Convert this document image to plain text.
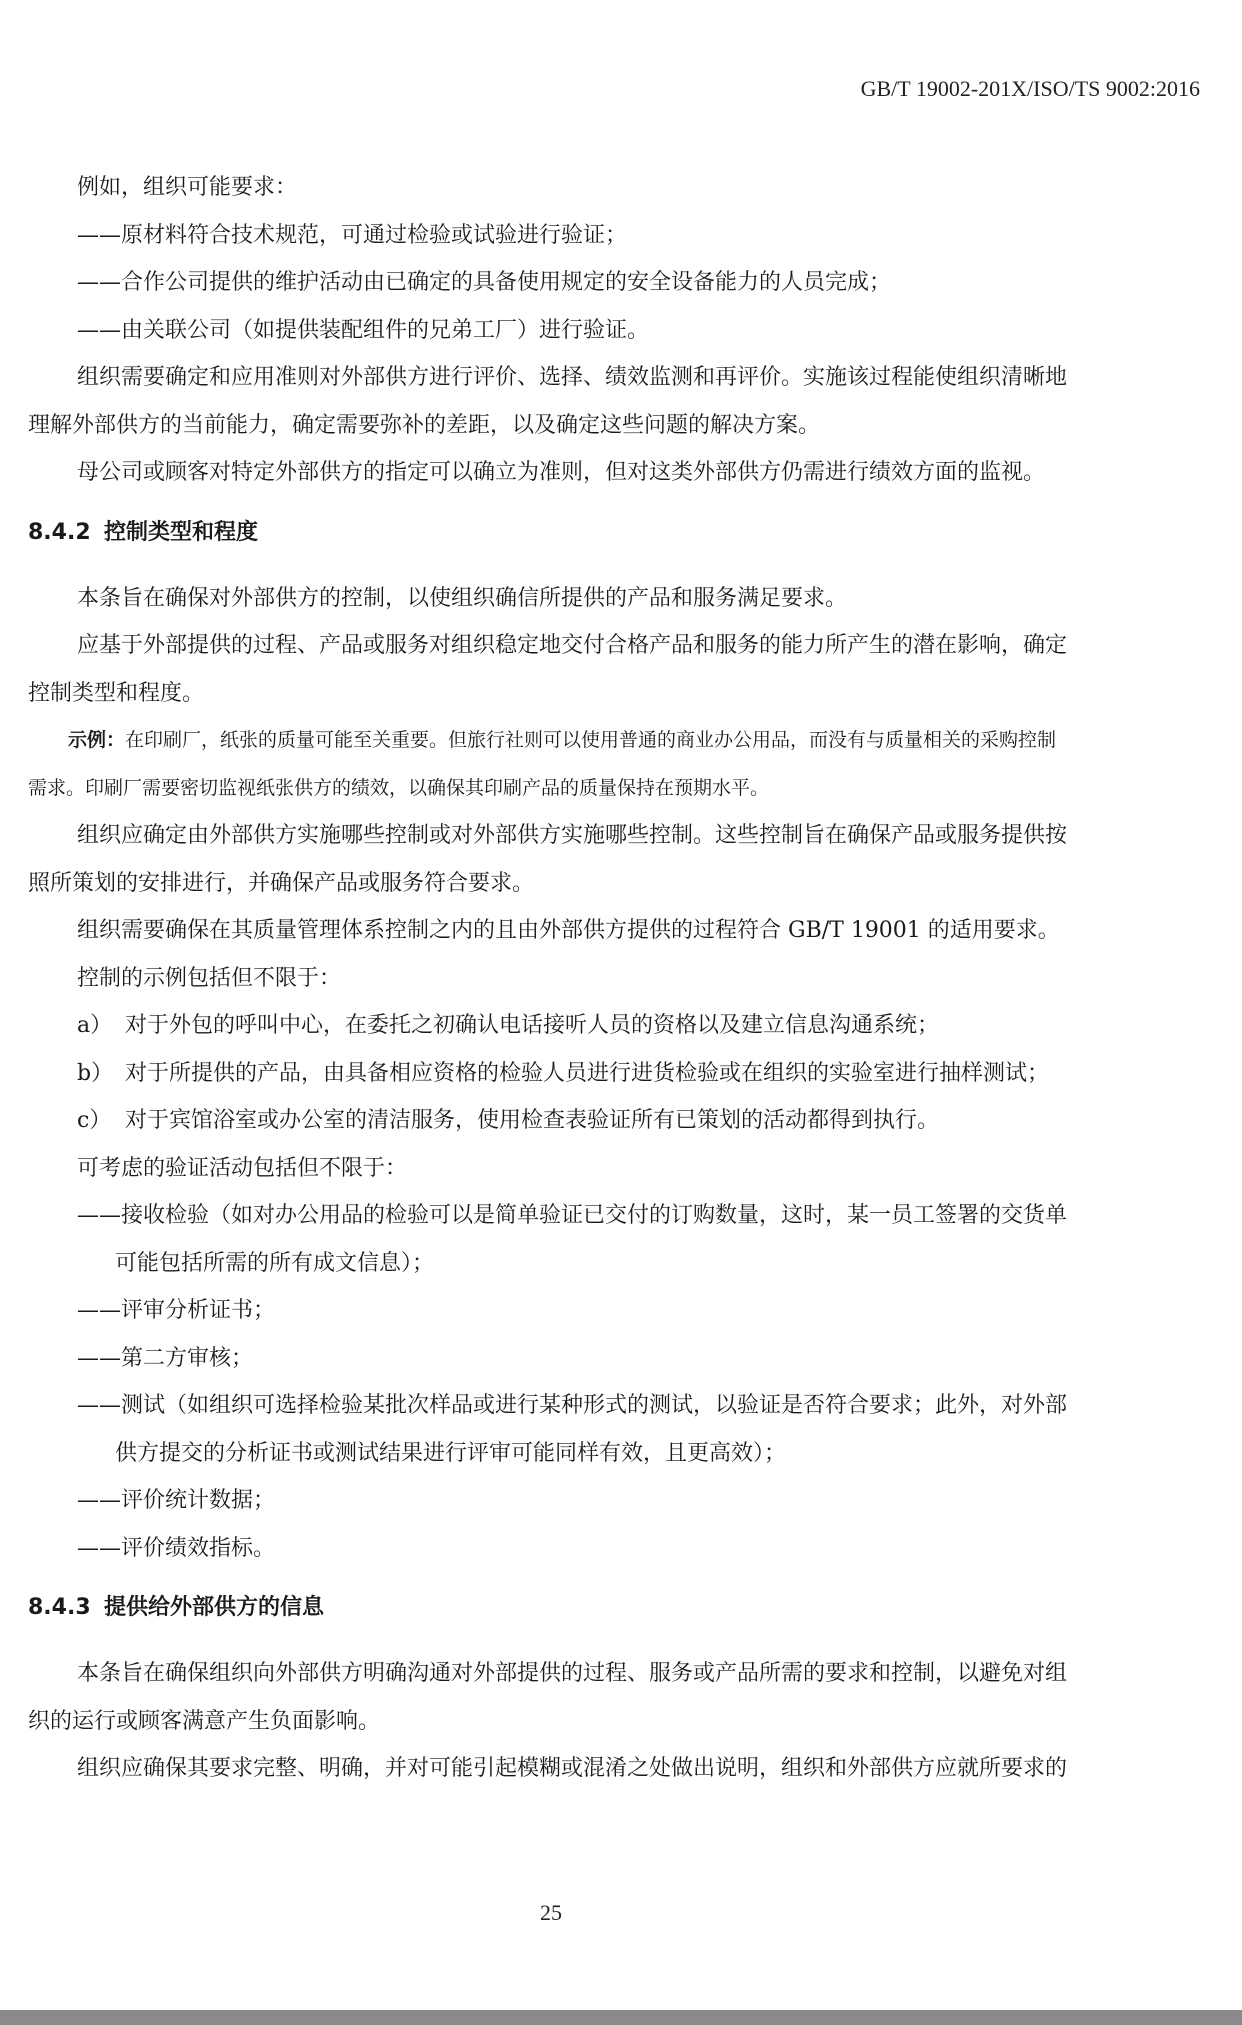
GB/T 19002-201X/ISO/TS 9002:2016

例如，组织可能要求：

——原材料符合技术规范，可通过检验或试验进行验证；

——合作公司提供的维护活动由已确定的具备使用规定的安全设备能力的人员完成；

——由关联公司（如提供装配组件的兄弟工厂）进行验证。

组织需要确定和应用准则对外部供方进行评价、选择、绩效监测和再评价。实施该过程能使组织清晰地

理解外部供方的当前能力，确定需要弥补的差距，以及确定这些问题的解决方案。

母公司或顾客对特定外部供方的指定可以确立为准则，但对这类外部供方仍需进行绩效方面的监视。

8.4.2 控制类型和程度

本条旨在确保对外部供方的控制，以使组织确信所提供的产品和服务满足要求。

应基于外部提供的过程、产品或服务对组织稳定地交付合格产品和服务的能力所产生的潜在影响，确定

控制类型和程度。

示例：在印刷厂，纸张的质量可能至关重要。但旅行社则可以使用普通的商业办公用品，而没有与质量相关的采购控制

需求。印刷厂需要密切监视纸张供方的绩效，以确保其印刷产品的质量保持在预期水平。

组织应确定由外部供方实施哪些控制或对外部供方实施哪些控制。这些控制旨在确保产品或服务提供按

照所策划的安排进行，并确保产品或服务符合要求。

组织需要确保在其质量管理体系控制之内的且由外部供方提供的过程符合 GB/T 19001 的适用要求。

控制的示例包括但不限于：

a） 对于外包的呼叫中心，在委托之初确认电话接听人员的资格以及建立信息沟通系统；

b） 对于所提供的产品，由具备相应资格的检验人员进行进货检验或在组织的实验室进行抽样测试；

c） 对于宾馆浴室或办公室的清洁服务，使用检查表验证所有已策划的活动都得到执行。

可考虑的验证活动包括但不限于：

——接收检验（如对办公用品的检验可以是简单验证已交付的订购数量，这时，某一员工签署的交货单

可能包括所需的所有成文信息）；

——评审分析证书；

——第二方审核；

——测试（如组织可选择检验某批次样品或进行某种形式的测试，以验证是否符合要求；此外，对外部

供方提交的分析证书或测试结果进行评审可能同样有效，且更高效）；

——评价统计数据；

——评价绩效指标。

8.4.3 提供给外部供方的信息

本条旨在确保组织向外部供方明确沟通对外部提供的过程、服务或产品所需的要求和控制，以避免对组

织的运行或顾客满意产生负面影响。

组织应确保其要求完整、明确，并对可能引起模糊或混淆之处做出说明，组织和外部供方应就所要求的

25
